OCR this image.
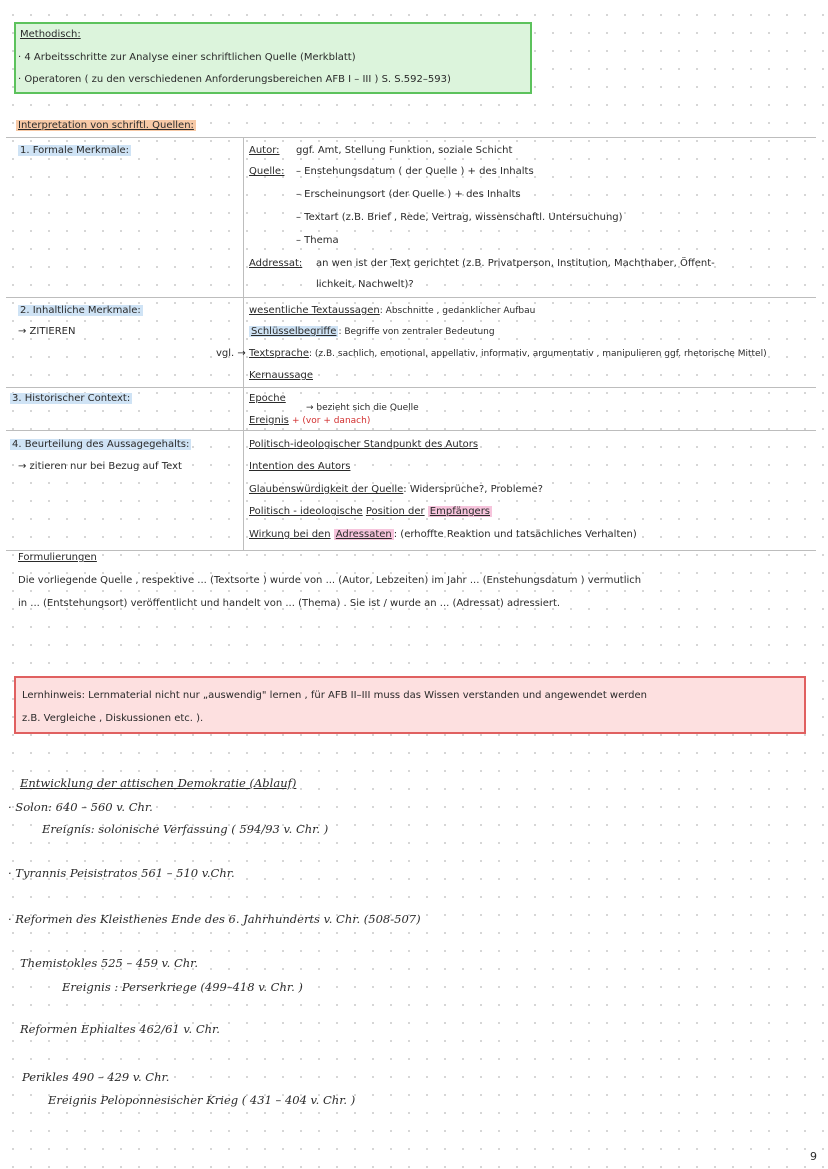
Methodisch:
· 4 Arbeitsschritte zur Analyse einer schriftlichen Quelle (Merkblatt)
· Operatoren ( zu den verschiedenen Anforderungsbereichen AFB I – III ) S. S.592–593)
Interpretation von schriftl. Quellen:
1. Formale Merkmale:	Autor: ggf. Amt, Stellung Funktion, soziale Schicht
Quelle: – Enstehungsdatum ( der Quelle ) + des Inhalts
– Erscheinungsort (der Quelle ) + des Inhalts
– Textart (z.B. Brief , Rede, Vertrag, wissenschaftl. Untersuchung)
– Thema
Addressat: an wen ist der Text gerichtet (z.B. Privatperson, Institution, Machthaber, Öffent-
lichkeit, Nachwelt)?
2. Inhaltliche Merkmale:
→ ZITIEREN
vgl. →
wesentliche Textaussagen: Abschnitte , gedanklicher Aufbau
Schlüsselbegriffe : Begriffe von zentraler Bedeutung
Textsprache: (z.B. sachlich, emotional, appellativ, informativ, argumentativ , manipulieren ggf. rhetorische Mittel)
Kernaussage
3. Historischer Context:	Epoche
→ bezieht sich die Quelle
Ereignis + (vor + danach)
4. Beurteilung des Aussagegehalts:
→ zitieren nur bei Bezug auf Text
Politisch-ideologischer Standpunkt des Autors
Intention des Autors
Glaubenswürdigkeit der Quelle: Widersprüche?, Probleme?
Politisch - ideologische Position der Empfängers
Wirkung bei den Adressaten : (erhoffte Reaktion und tatsächliches Verhalten)
Formulierungen
Die vorliegende Quelle , respektive ... (Textsorte ) wurde von ... (Autor, Lebzeiten) im Jahr ... (Enstehungsdatum ) vermutlich
in ... (Entstehungsort) veröffentlicht und handelt von ... (Thema) . Sie ist / wurde an ... (Adressat) adressiert.
Lernhinweis: Lernmaterial nicht nur „auswendig" lernen , für AFB II–III muss das Wissen verstanden und angewendet werden
z.B. Vergleiche , Diskussionen etc. ).
Entwicklung der attischen Demokratie (Ablauf)
· Solon: 640 – 560 v. Chr.
Ereignis: solonische Verfassung ( 594/93 v. Chr. )
· Tyrannis Peisistratos 561 – 510 v.Chr.
· Reformen des Kleisthenes Ende des 6. Jahrhunderts v. Chr. (508-507)
Themistokles 525 – 459 v. Chr.
Ereignis : Perserkriege (499–418 v. Chr. )
Reformen Ephialtes 462/61 v. Chr.
Perikles 490 – 429 v. Chr.
Ereignis Peloponnesischer Krieg ( 431 – 404 v. Chr. )
9
